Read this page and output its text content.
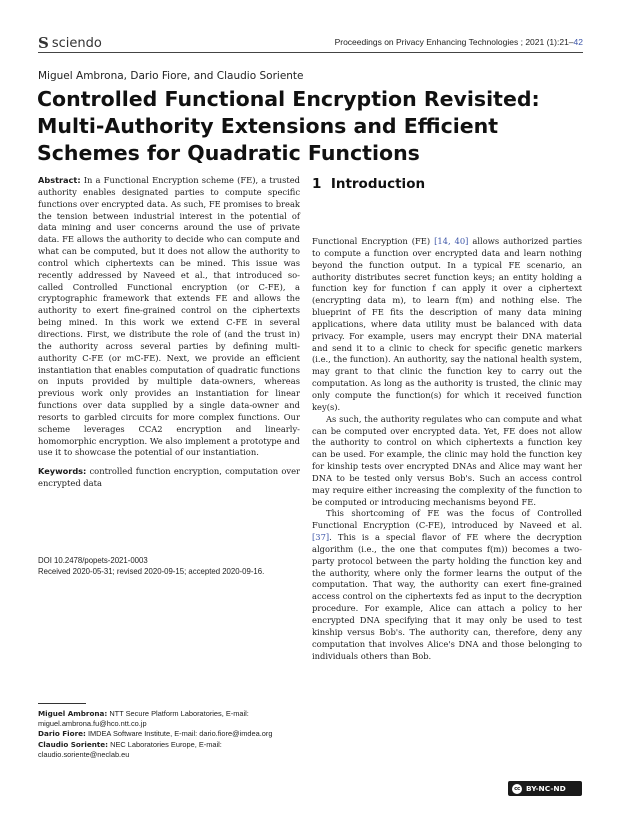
S sciendo	Proceedings on Privacy Enhancing Technologies ; 2021 (1):21–42
Miguel Ambrona, Dario Fiore, and Claudio Soriente
Controlled Functional Encryption Revisited: Multi-Authority Extensions and Efficient Schemes for Quadratic Functions

Abstract: In a Functional Encryption scheme (FE), a trusted authority enables designated parties to compute specific functions over encrypted data. As such, FE promises to break the tension between industrial interest in the potential of data mining and user concerns around the use of private data. FE allows the authority to decide who can compute and what can be computed, but it does not allow the authority to control which ciphertexts can be mined. This issue was recently addressed by Naveed et al., that introduced so-called Controlled Functional encryption (or C-FE), a cryptographic framework that extends FE and allows the authority to exert fine-grained control on the ciphertexts being mined. In this work we extend C-FE in several directions. First, we distribute the role of (and the trust in) the authority across several parties by defining multi-authority C-FE (or mC-FE). Next, we provide an efficient instantiation that enables computation of quadratic functions on inputs provided by multiple data-owners, whereas previous work only provides an instantiation for linear functions over data supplied by a single data-owner and resorts to garbled circuits for more complex functions. Our scheme leverages CCA2 encryption and linearly-homomorphic encryption. We also implement a prototype and use it to showcase the potential of our instantiation.

Keywords: controlled function encryption, computation over encrypted data

DOI 10.2478/popets-2021-0003
Received 2020-05-31; revised 2020-09-15; accepted 2020-09-16.
Miguel Ambrona: NTT Secure Platform Laboratories, E-mail: miguel.ambrona.fu@hco.ntt.co.jp
Dario Fiore: IMDEA Software Institute, E-mail: dario.fiore@imdea.org
Claudio Soriente: NEC Laboratories Europe, E-mail: claudio.soriente@neclab.eu
1 Introduction

Functional Encryption (FE) [14, 40] allows authorized parties to compute a function over encrypted data and learn nothing beyond the function output. In a typical FE scenario, an authority distributes secret function keys; an entity holding a function key for function f can apply it over a ciphertext (encrypting data m), to learn f(m) and nothing else. The blueprint of FE fits the description of many data mining applications, where data utility must be balanced with data privacy. For example, users may encrypt their DNA material and send it to a clinic to check for specific genetic markers (i.e., the function). An authority, say the national health system, may grant to that clinic the function key to carry out the computation. As long as the authority is trusted, the clinic may only compute the function(s) for which it received function key(s).

As such, the authority regulates who can compute and what can be computed over encrypted data. Yet, FE does not allow the authority to control on which ciphertexts a function key can be used. For example, the clinic may hold the function key for kinship tests over encrypted DNAs and Alice may want her DNA to be tested only versus Bob's. Such an access control may require either increasing the complexity of the function to be computed or introducing mechanisms beyond FE.

This shortcoming of FE was the focus of Controlled Functional Encryption (C-FE), introduced by Naveed et al. [37]. This is a special flavor of FE where the decryption algorithm (i.e., the one that computes f(m)) becomes a two-party protocol between the party holding the function key and the authority, where only the former learns the output of the computation. That way, the authority can exert fine-grained access control on the ciphertexts fed as input to the decryption procedure. For example, Alice can attach a policy to her encrypted DNA specifying that it may only be used to test kinship versus Bob's. The authority can, therefore, deny any computation that involves Alice's DNA and those belonging to individuals others than Bob.

cc BY-NC-ND
